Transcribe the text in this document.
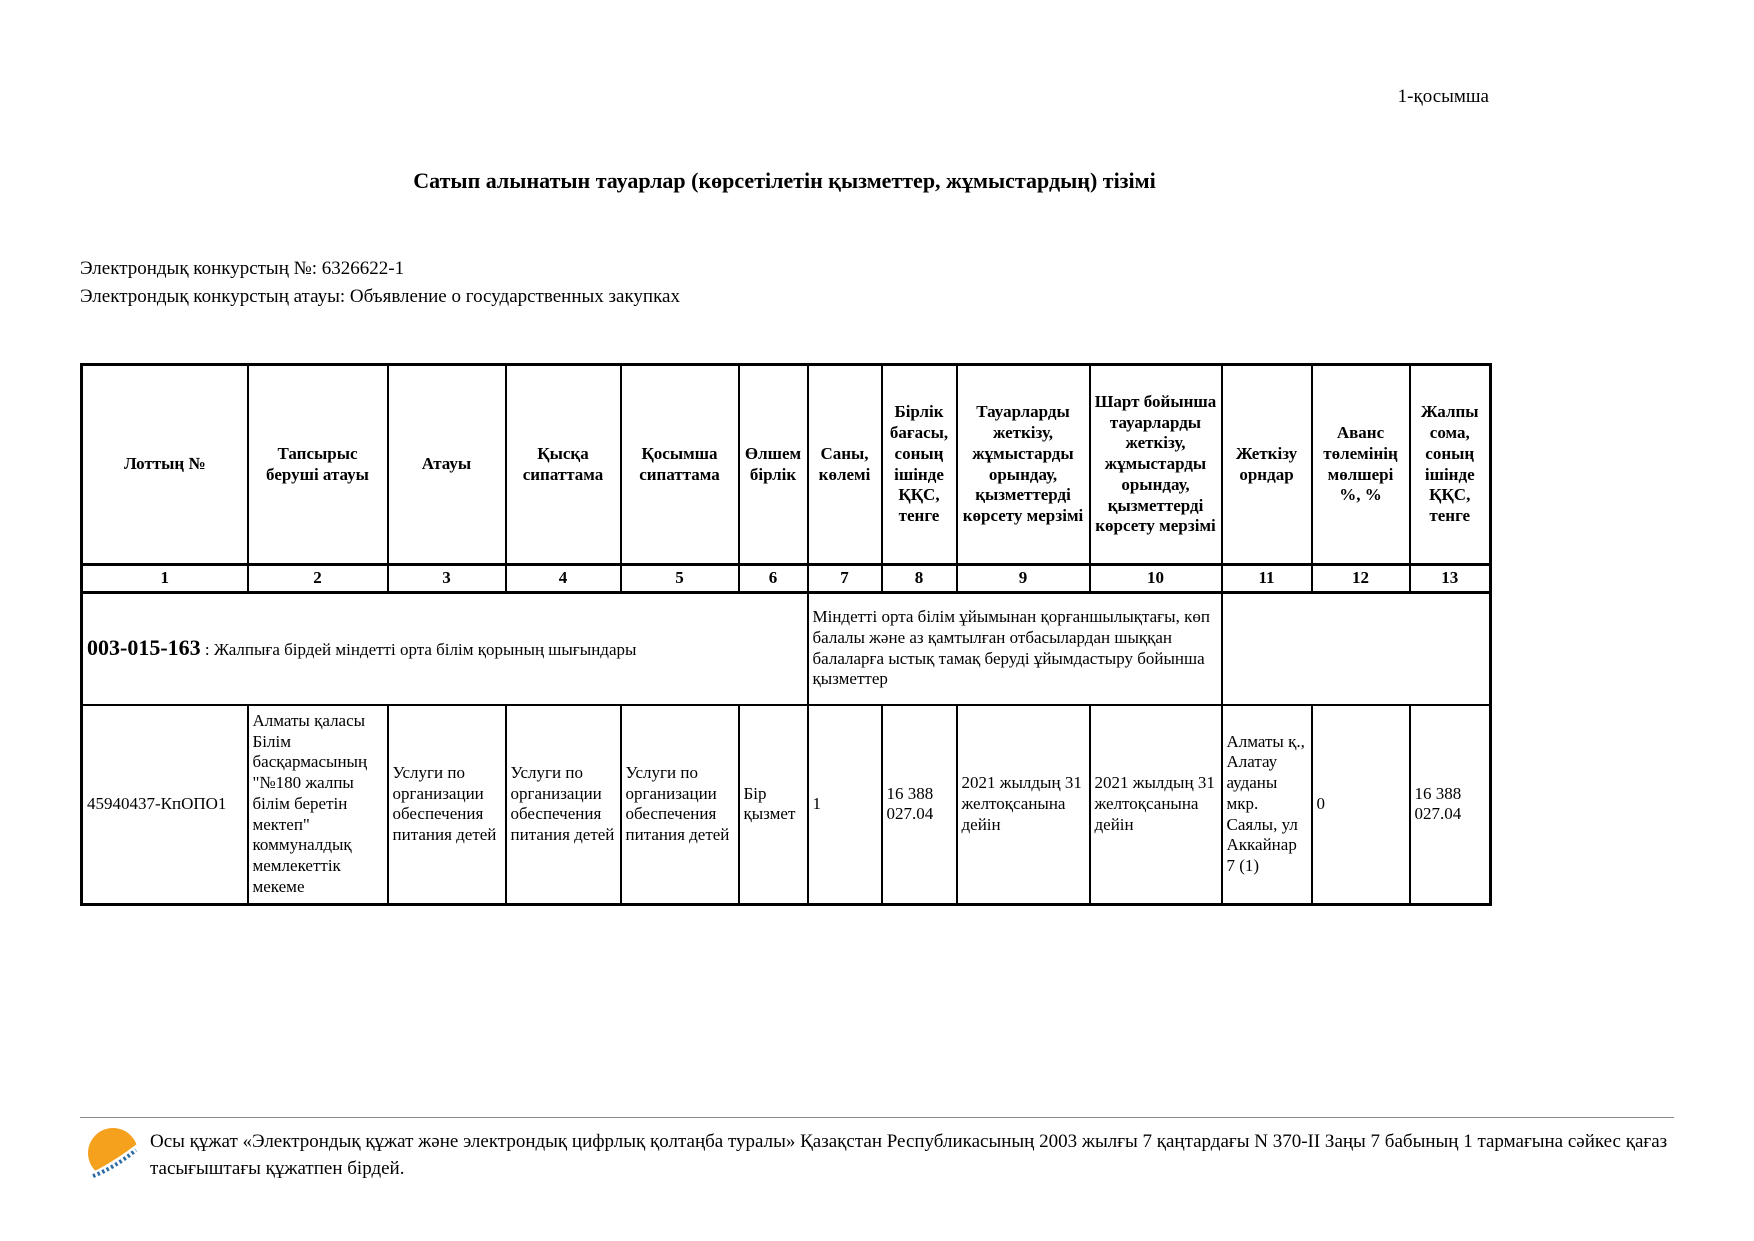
1-қосымша
Сатып алынатын тауарлар (көрсетілетін қызметтер, жұмыстардың) тізімі
Электрондық конкурстың №: 6326622-1
Электрондық конкурстың атауы: Объявление о государственных закупках
Лоттың №	Тапсырыс беруші атауы	Атауы	Қысқа сипаттама	Қосымша сипаттама	Өлшем бірлік	Саны, көлемі	Бірлік бағасы, соның ішінде ҚҚС, тенге	Тауарларды жеткізу, жұмыстарды орындау, қызметтерді көрсету мерзімі	Шарт бойынша тауарларды жеткізу, жұмыстарды орындау, қызметтерді көрсету мерзімі	Жеткізу орндар	Аванс төлемінің мөлшері %, %	Жалпы сома, соның ішінде ҚҚС, тенге
1	2	3	4	5	6	7	8	9	10	11	12	13
003-015-163 : Жалпыға бірдей міндетті орта білім қорының шығындары						Міндетті орта білім ұйымынан қорғаншылықтағы, көп балалы және аз қамтылған отбасылардан шыққан балаларға ыстық тамақ беруді ұйымдастыру бойынша қызметтер						
45940437-КпОПО1	Алматы қаласы Білім басқармасының "№180 жалпы білім беретін мектеп" коммуналдық мемлекеттік мекеме	Услуги по организации обеспечения питания детей	Услуги по организации обеспечения питания детей	Услуги по организации обеспечения питания детей	Бір қызмет	1	16 388 027.04	2021 жылдың 31 желтоқсанына дейін	2021 жылдың 31 желтоқсанына дейін	Алматы қ., Алатау ауданы мкр. Саялы, ул Аккайнар 7 (1)	0	16 388 027.04
Осы құжат «Электрондық құжат және электрондық цифрлық қолтаңба туралы» Қазақстан Республикасының 2003 жылғы 7 қаңтардағы N 370-II Заңы 7 бабының 1 тармағына сәйкес қағаз тасығыштағы құжатпен бірдей.
